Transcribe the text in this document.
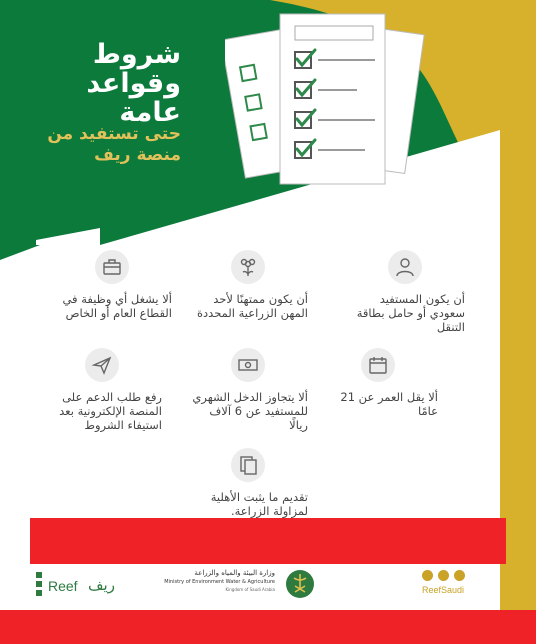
شروط وقواعد عامة
حتى تستفيد من منصة ريف
أن يكون المستفيد سعودي أو حامل بطاقة التنقل
أن يكون ممتهنًا لأحد المهن الزراعية المحددة
ألا يشغل أي وظيفة في القطاع العام أو الخاص
ألا يقل العمر عن 21 عامًا
ألا يتجاوز الدخل الشهري للمستفيد عن 6 آلاف ريالًا
رفع طلب الدعم على المنصة الإلكترونية بعد استيفاء الشروط
تقديم ما يثبت الأهلية لمزاولة الزراعة.
Reef ريف
وزارة البيئة والمياه والزراعة
Ministry of Environment Water & Agriculture
Kingdom of Saudi Arabia	ReefSaudi
